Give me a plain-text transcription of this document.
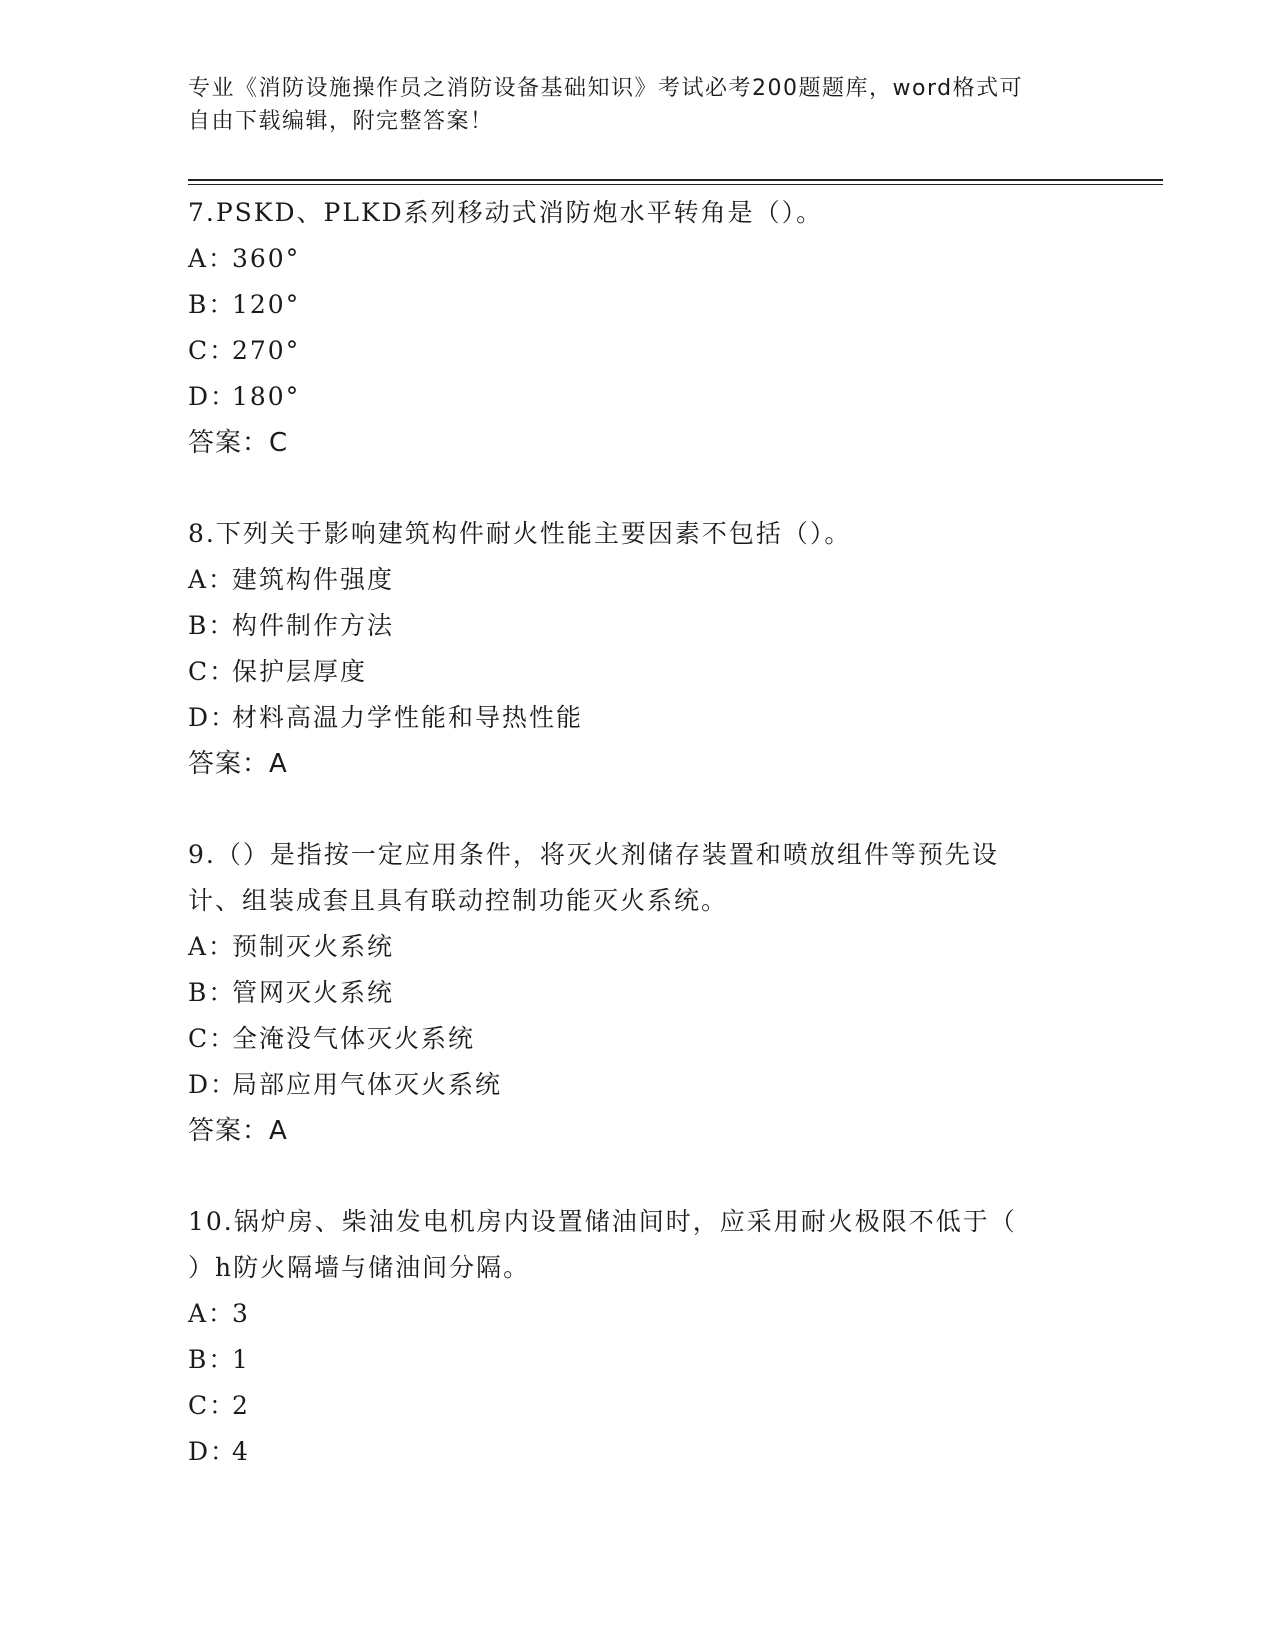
专业《消防设施操作员之消防设备基础知识》考试必考200题题库，word格式可
自由下载编辑，附完整答案！
7.PSKD、PLKD系列移动式消防炮水平转角是（）。
A：360°
B：120°
C：270°
D：180°
答案：C
8.下列关于影响建筑构件耐火性能主要因素不包括（）。
A：建筑构件强度
B：构件制作方法
C：保护层厚度
D：材料高温力学性能和导热性能
答案：A
9.（）是指按一定应用条件，将灭火剂储存装置和喷放组件等预先设
计、组装成套且具有联动控制功能灭火系统。
A：预制灭火系统
B：管网灭火系统
C：全淹没气体灭火系统
D：局部应用气体灭火系统
答案：A
10.锅炉房、柴油发电机房内设置储油间时，应采用耐火极限不低于（
）h防火隔墙与储油间分隔。
A：3
B：1
C：2
D：4
